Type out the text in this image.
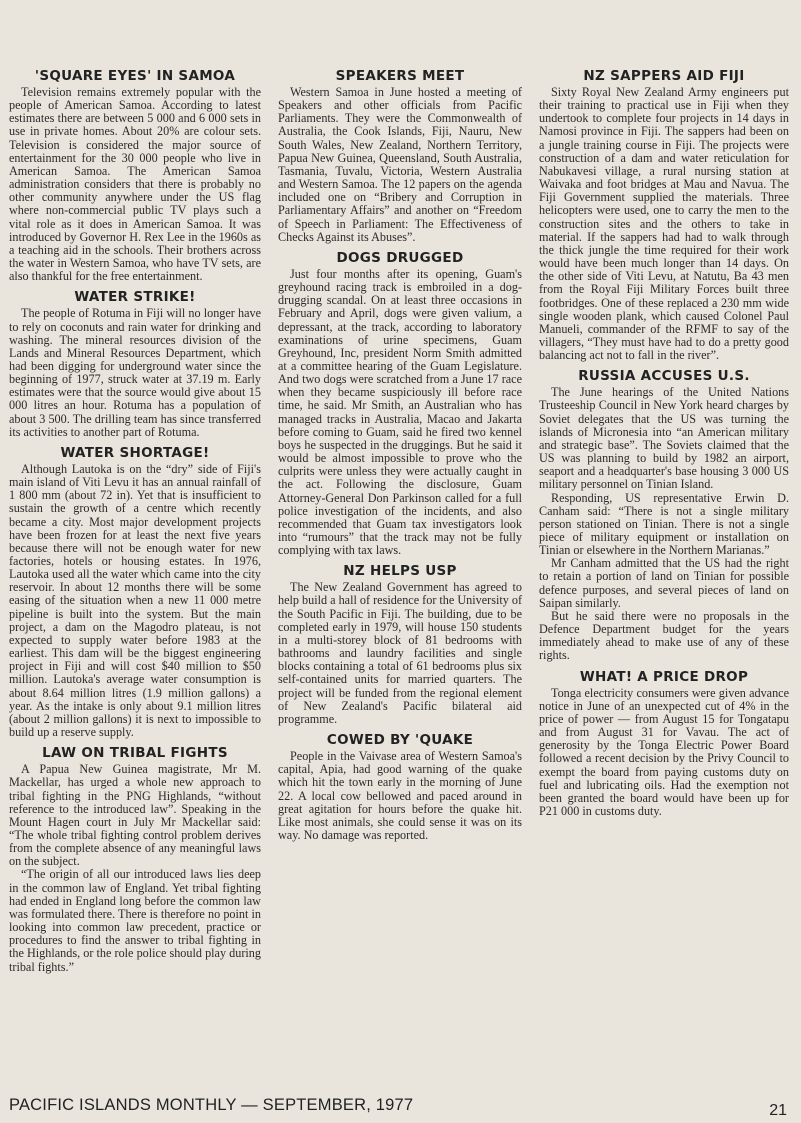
'SQUARE EYES' IN SAMOA

Television remains extremely popular with the people of American Samoa. According to latest estimates there are between 5 000 and 6 000 sets in use in private homes. About 20% are colour sets. Television is considered the major source of entertainment for the 30 000 people who live in American Samoa. The American Samoa administration considers that there is probably no other community anywhere under the US flag where non-commercial public TV plays such a vital role as it does in American Samoa. It was introduced by Governor H. Rex Lee in the 1960s as a teaching aid in the schools. Their brothers across the water in Western Samoa, who have TV sets, are also thankful for the free entertainment.

WATER STRIKE!

The people of Rotuma in Fiji will no longer have to rely on coconuts and rain water for drinking and washing. The mineral resources division of the Lands and Mineral Resources Department, which had been digging for underground water since the beginning of 1977, struck water at 37.19 m. Early estimates were that the source would give about 15 000 litres an hour. Rotuma has a population of about 3 500. The drilling team has since transferred its activities to another part of Rotuma.

WATER SHORTAGE!

Although Lautoka is on the “dry” side of Fiji's main island of Viti Levu it has an annual rainfall of 1 800 mm (about 72 in). Yet that is insufficient to sustain the growth of a centre which recently became a city. Most major development projects have been frozen for at least the next five years because there will not be enough water for new factories, hotels or housing estates. In 1976, Lautoka used all the water which came into the city reservoir. In about 12 months there will be some easing of the situation when a new 11 000 metre pipeline is built into the system. But the main project, a dam on the Magodro plateau, is not expected to supply water before 1983 at the earliest. This dam will be the biggest engineering project in Fiji and will cost $40 million to $50 million. Lautoka's average water consumption is about 8.64 million litres (1.9 million gallons) a year. As the intake is only about 9.1 million litres (about 2 million gallons) it is next to impossible to build up a reserve supply.

LAW ON TRIBAL FIGHTS

A Papua New Guinea magistrate, Mr M. Mackellar, has urged a whole new approach to tribal fighting in the PNG Highlands, “without reference to the introduced law”. Speaking in the Mount Hagen court in July Mr Mackellar said: “The whole tribal fighting control problem derives from the complete absence of any meaningful laws on the subject.

“The origin of all our introduced laws lies deep in the common law of England. Yet tribal fighting had ended in England long before the common law was formulated there. There is therefore no point in looking into common law precedent, practice or procedures to find the answer to tribal fighting in the Highlands, or the role police should play during tribal fights.”

SPEAKERS MEET

Western Samoa in June hosted a meeting of Speakers and other officials from Pacific Parliaments. They were the Commonwealth of Australia, the Cook Islands, Fiji, Nauru, New South Wales, New Zealand, Northern Territory, Papua New Guinea, Queensland, South Australia, Tasmania, Tuvalu, Victoria, Western Australia and Western Samoa. The 12 papers on the agenda included one on “Bribery and Corruption in Parliamentary Affairs” and another on “Freedom of Speech in Parliament: The Effectiveness of Checks Against its Abuses”.

DOGS DRUGGED

Just four months after its opening, Guam's greyhound racing track is embroiled in a dog-drugging scandal. On at least three occasions in February and April, dogs were given valium, a depressant, at the track, according to laboratory examinations of urine specimens, Guam Greyhound, Inc, president Norm Smith admitted at a committee hearing of the Guam Legislature. And two dogs were scratched from a June 17 race when they became suspiciously ill before race time, he said. Mr Smith, an Australian who has managed tracks in Australia, Macao and Jakarta before coming to Guam, said he fired two kennel boys he suspected in the druggings. But he said it would be almost impossible to prove who the culprits were unless they were actually caught in the act. Following the disclosure, Guam Attorney-General Don Parkinson called for a full police investigation of the incidents, and also recommended that Guam tax investigators look into “rumours” that the track may not be fully complying with tax laws.

NZ HELPS USP

The New Zealand Government has agreed to help build a hall of residence for the University of the South Pacific in Fiji. The building, due to be completed early in 1979, will house 150 students in a multi-storey block of 81 bedrooms with bathrooms and laundry facilities and single blocks containing a total of 61 bedrooms plus six self-contained units for married quarters. The project will be funded from the regional element of New Zealand's Pacific bilateral aid programme.

COWED BY 'QUAKE

People in the Vaivase area of Western Samoa's capital, Apia, had good warning of the quake which hit the town early in the morning of June 22. A local cow bellowed and paced around in great agitation for hours before the quake hit. Like most animals, she could sense it was on its way. No damage was reported.

NZ SAPPERS AID FIJI

Sixty Royal New Zealand Army engineers put their training to practical use in Fiji when they undertook to complete four projects in 14 days in Namosi province in Fiji. The sappers had been on a jungle training course in Fiji. The projects were construction of a dam and water reticulation for Nabukavesi village, a rural nursing station at Waivaka and foot bridges at Mau and Navua. The Fiji Government supplied the materials. Three helicopters were used, one to carry the men to the construction sites and the others to take in material. If the sappers had had to walk through the thick jungle the time required for their work would have been much longer than 14 days. On the other side of Viti Levu, at Natutu, Ba 43 men from the Royal Fiji Military Forces built three footbridges. One of these replaced a 230 mm wide single wooden plank, which caused Colonel Paul Manueli, commander of the RFMF to say of the villagers, “They must have had to do a pretty good balancing act not to fall in the river”.

RUSSIA ACCUSES U.S.

The June hearings of the United Nations Trusteeship Council in New York heard charges by Soviet delegates that the US was turning the islands of Micronesia into “an American military and strategic base”. The Soviets claimed that the US was planning to build by 1982 an airport, seaport and a headquarter's base housing 3 000 US military personnel on Tinian Island.

Responding, US representative Erwin D. Canham said: “There is not a single military person stationed on Tinian. There is not a single piece of military equipment or installation on Tinian or elsewhere in the Northern Marianas.”

Mr Canham admitted that the US had the right to retain a portion of land on Tinian for possible defence purposes, and several pieces of land on Saipan similarly.

But he said there were no proposals in the Defence Department budget for the years immediately ahead to make use of any of these rights.

WHAT! A PRICE DROP

Tonga electricity consumers were given advance notice in June of an unexpected cut of 4% in the price of power — from August 15 for Tongatapu and from August 31 for Vavau. The act of generosity by the Tonga Electric Power Board followed a recent decision by the Privy Council to exempt the board from paying customs duty on fuel and lubricating oils. Had the exemption not been granted the board would have been up for P21 000 in customs duty.

PACIFIC ISLANDS MONTHLY — SEPTEMBER, 1977	21
